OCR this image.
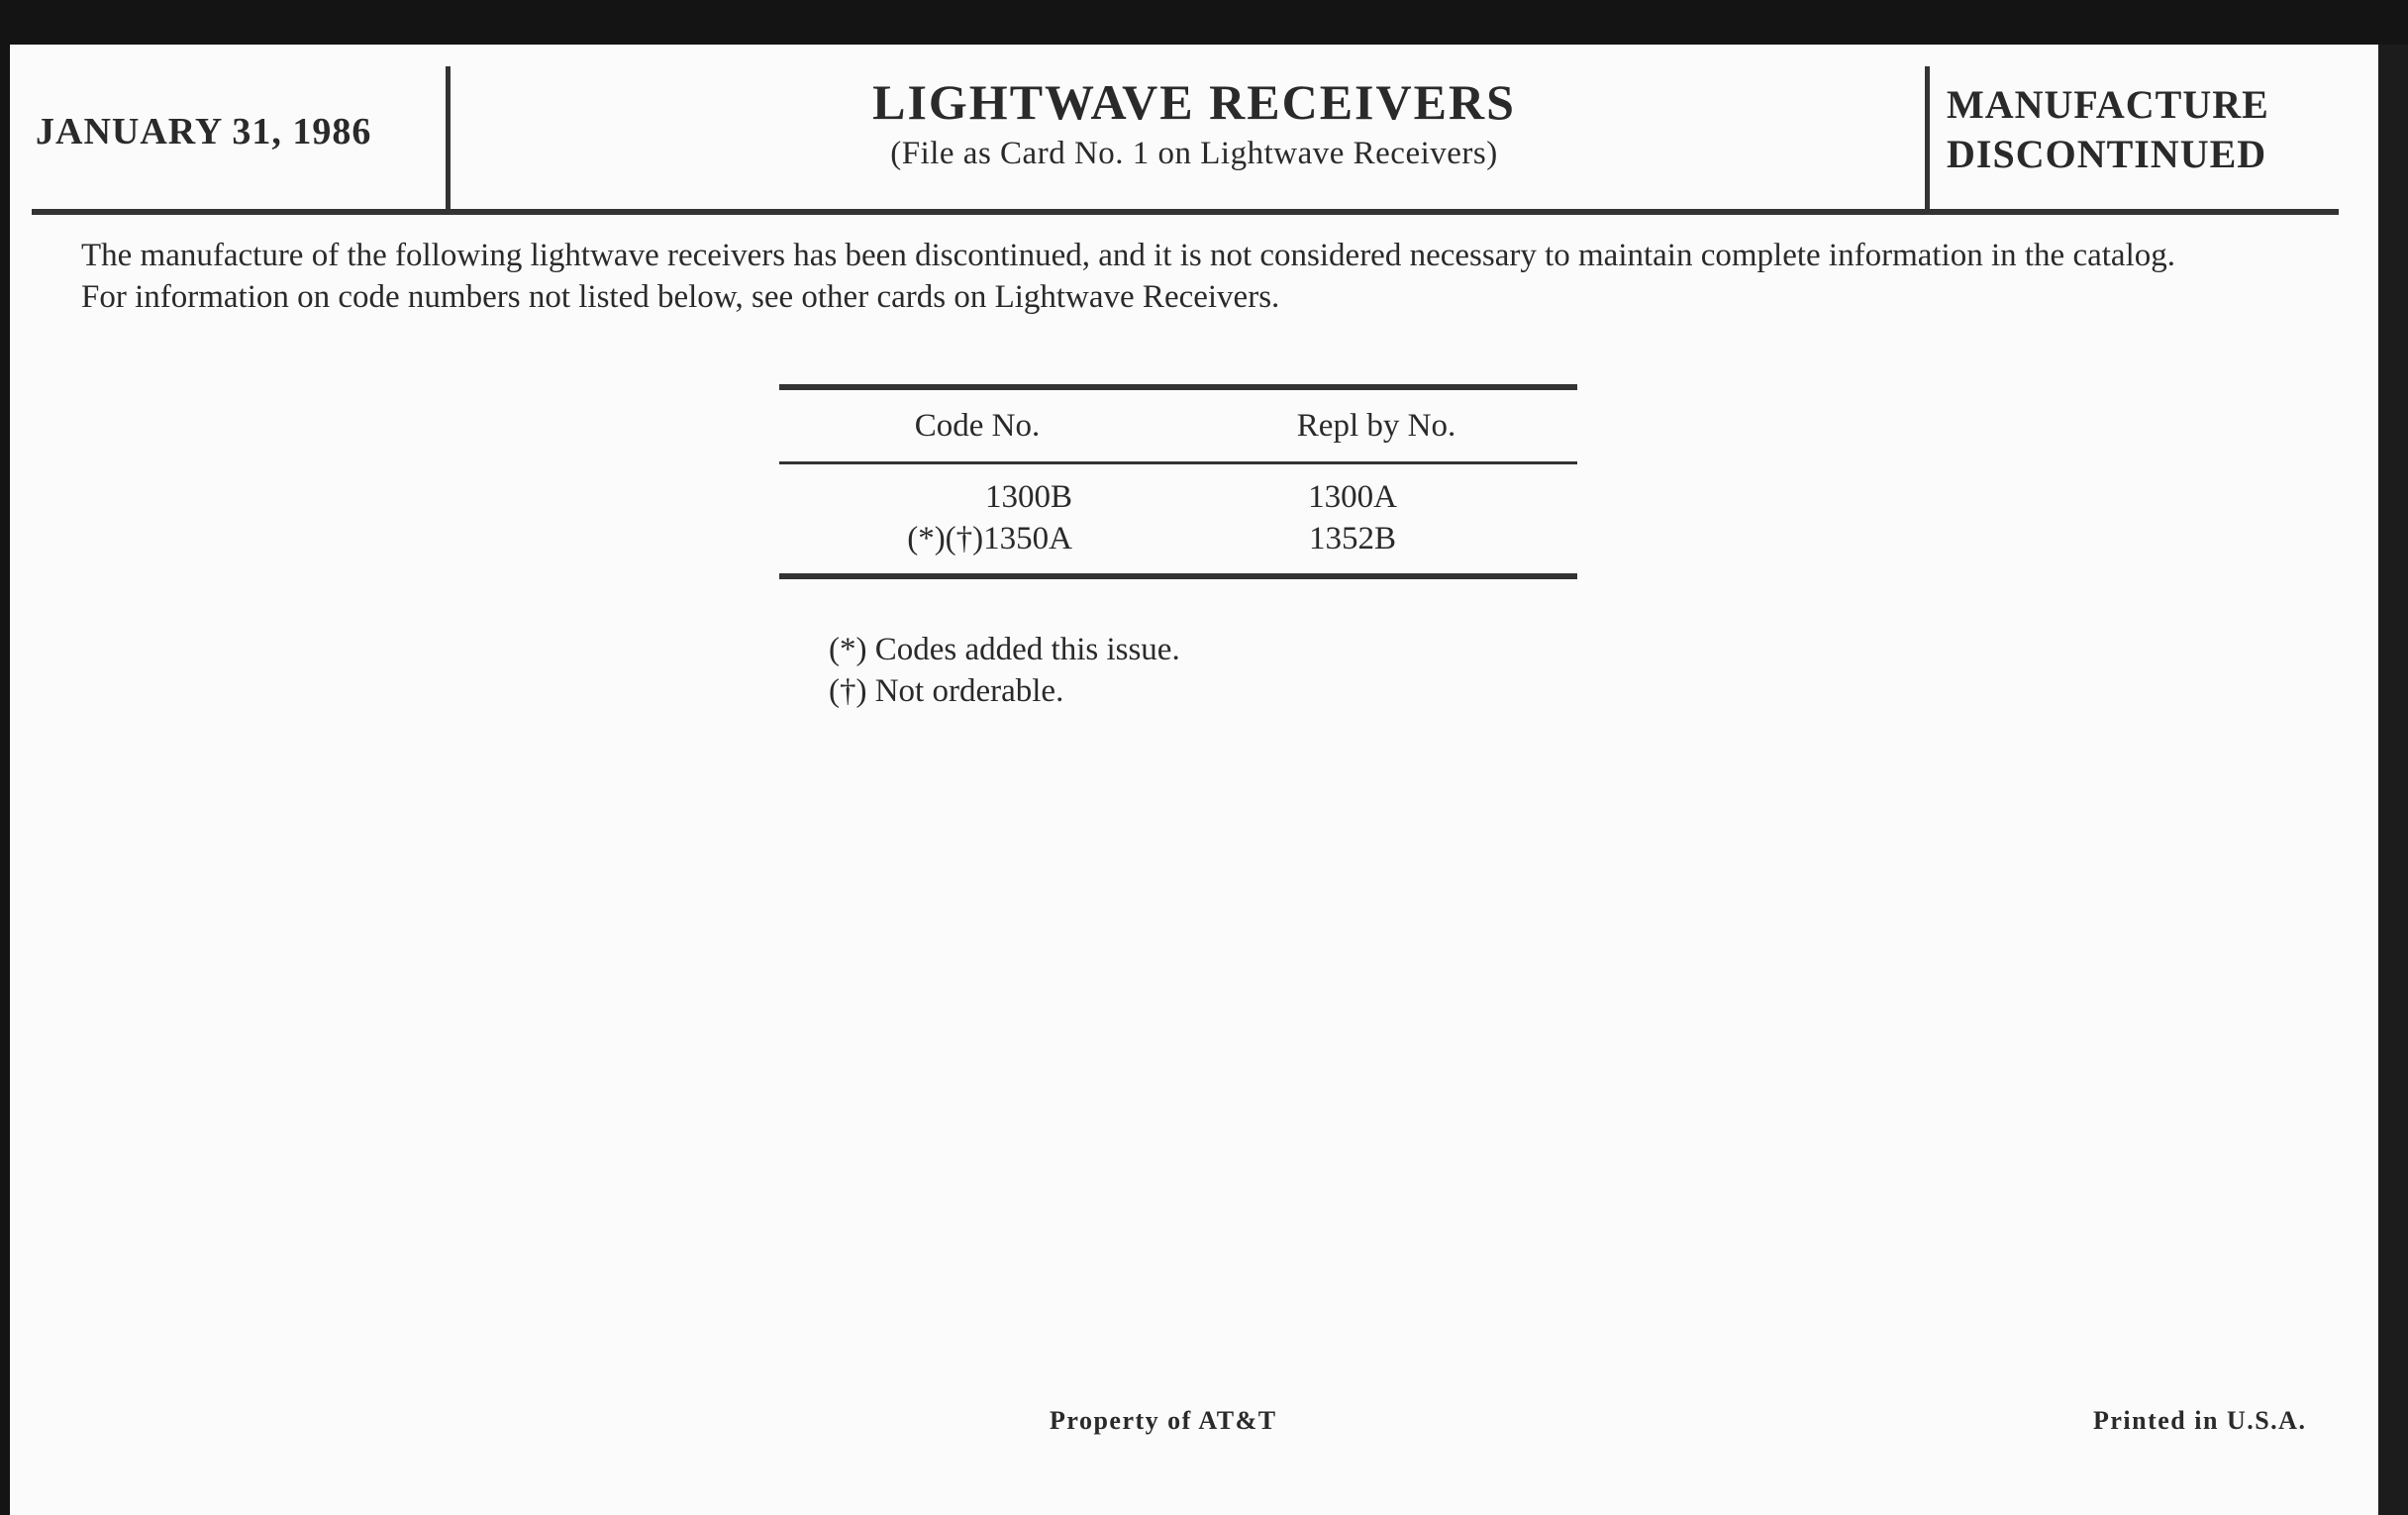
JANUARY 31, 1986
LIGHTWAVE RECEIVERS
(File as Card No. 1 on Lightwave Receivers)
MANUFACTURE
DISCONTINUED

The manufacture of the following lightwave receivers has been discontinued, and it is not considered necessary to maintain complete information in the catalog.

For information on code numbers not listed below, see other cards on Lightwave Receivers.

Code No.	Repl by No.
1300B	1300A
(*)(†)1350A	1352B
(*) Codes added this issue.
(†) Not orderable.
Property of AT&T	Printed in U.S.A.
